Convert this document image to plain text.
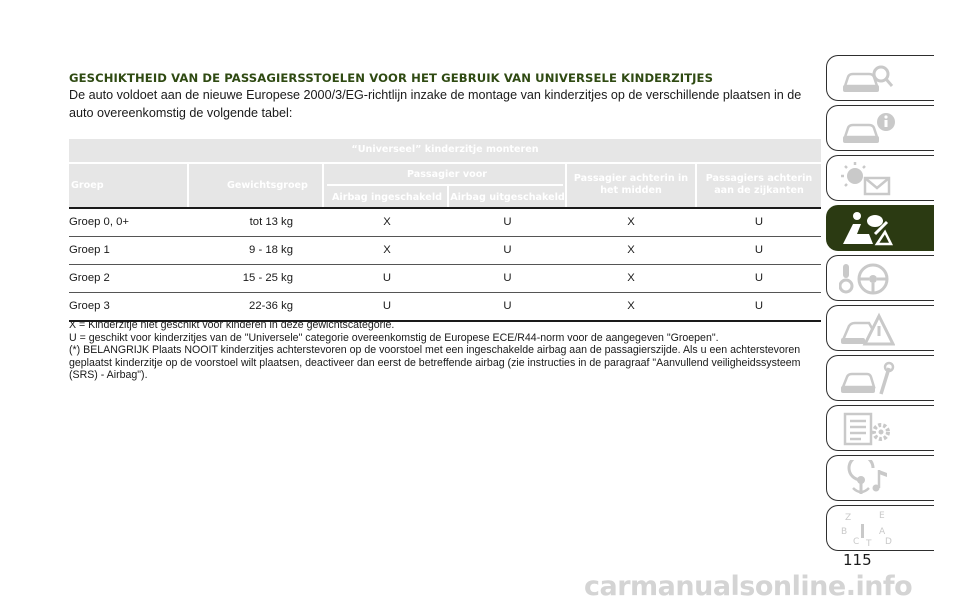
GESCHIKTHEID VAN DE PASSAGIERSSTOELEN VOOR HET GEBRUIK VAN UNIVERSELE KINDERZITJES
De auto voldoet aan de nieuwe Europese 2000/3/EG-richtlijn inzake de montage van kinderzitjes op de verschillende plaatsen in de auto overeenkomstig de volgende tabel:
“Universeel” kinderzitje monteren
Groep	Gewichtsgroep
Passagier voor
Airbag ingeschakeld Airbag uitgeschakeld
Passagier achterin in het midden
Passagiers achterin aan de zijkanten
Groep 0, 0+	tot 13 kg	X	U	X	U
Groep 1	9 - 18 kg	X	U	X	U
Groep 2	15 - 25 kg	U	U	X	U
Groep 3	22-36 kg	U	U	X	U

X = Kinderzitje niet geschikt voor kinderen in deze gewichtscategorie.

U = geschikt voor kinderzitjes van de "Universele" categorie overeenkomstig de Europese ECE/R44-norm voor de aangegeven "Groepen".

(*) BELANGRIJK Plaats NOOIT kinderzitjes achterstevoren op de voorstoel met een ingeschakelde airbag aan de passagierszijde. Als u een achterstevoren geplaatst kinderzitje op de voorstoel wilt plaatsen, deactiveer dan eerst de betreffende airbag (zie instructies in de paragraaf "Aanvullend veiligheidssysteem (SRS) - Airbag").

Z	E
B	A
C	D
T
115
carmanualsonline.info
